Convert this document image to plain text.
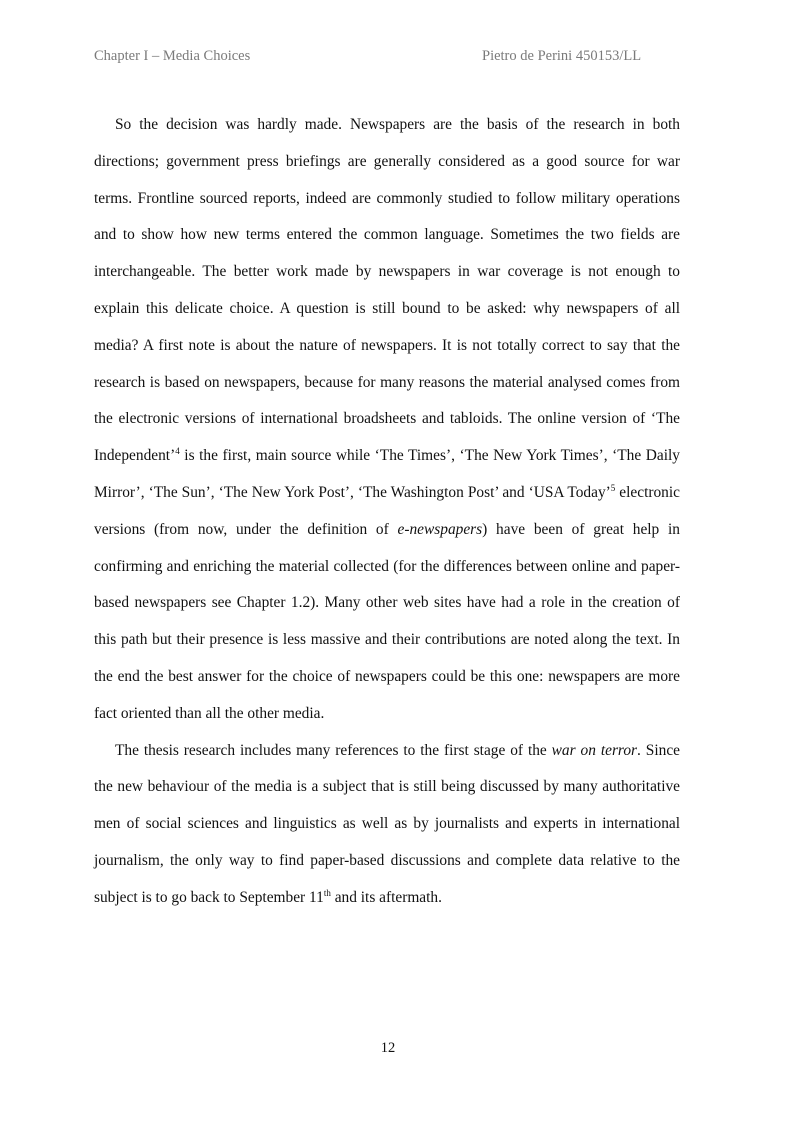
Chapter I – Media Choices	Pietro de Perini 450153/LL

So the decision was hardly made. Newspapers are the basis of the research in both directions; government press briefings are generally considered as a good source for war terms. Frontline sourced reports, indeed are commonly studied to follow military operations and to show how new terms entered the common language. Sometimes the two fields are interchangeable. The better work made by newspapers in war coverage is not enough to explain this delicate choice. A question is still bound to be asked: why newspapers of all media? A first note is about the nature of newspapers. It is not totally correct to say that the research is based on newspapers, because for many reasons the material analysed comes from the electronic versions of international broadsheets and tabloids. The online version of ‘The Independent’$^4$ is the first, main source while ‘The Times’, ‘The New York Times’, ‘The Daily Mirror’, ‘The Sun’, ‘The New York Post’, ‘The Washington Post’ and ‘USA Today’$^5$ electronic versions (from now, under the definition of e-newspapers) have been of great help in confirming and enriching the material collected (for the differences between online and paper-based newspapers see Chapter 1.2). Many other web sites have had a role in the creation of this path but their presence is less massive and their contributions are noted along the text. In the end the best answer for the choice of newspapers could be this one: newspapers are more fact oriented than all the other media.

The thesis research includes many references to the first stage of the war on terror. Since the new behaviour of the media is a subject that is still being discussed by many authoritative men of social sciences and linguistics as well as by journalists and experts in international journalism, the only way to find paper-based discussions and complete data relative to the subject is to go back to September 11th and its aftermath.

12
